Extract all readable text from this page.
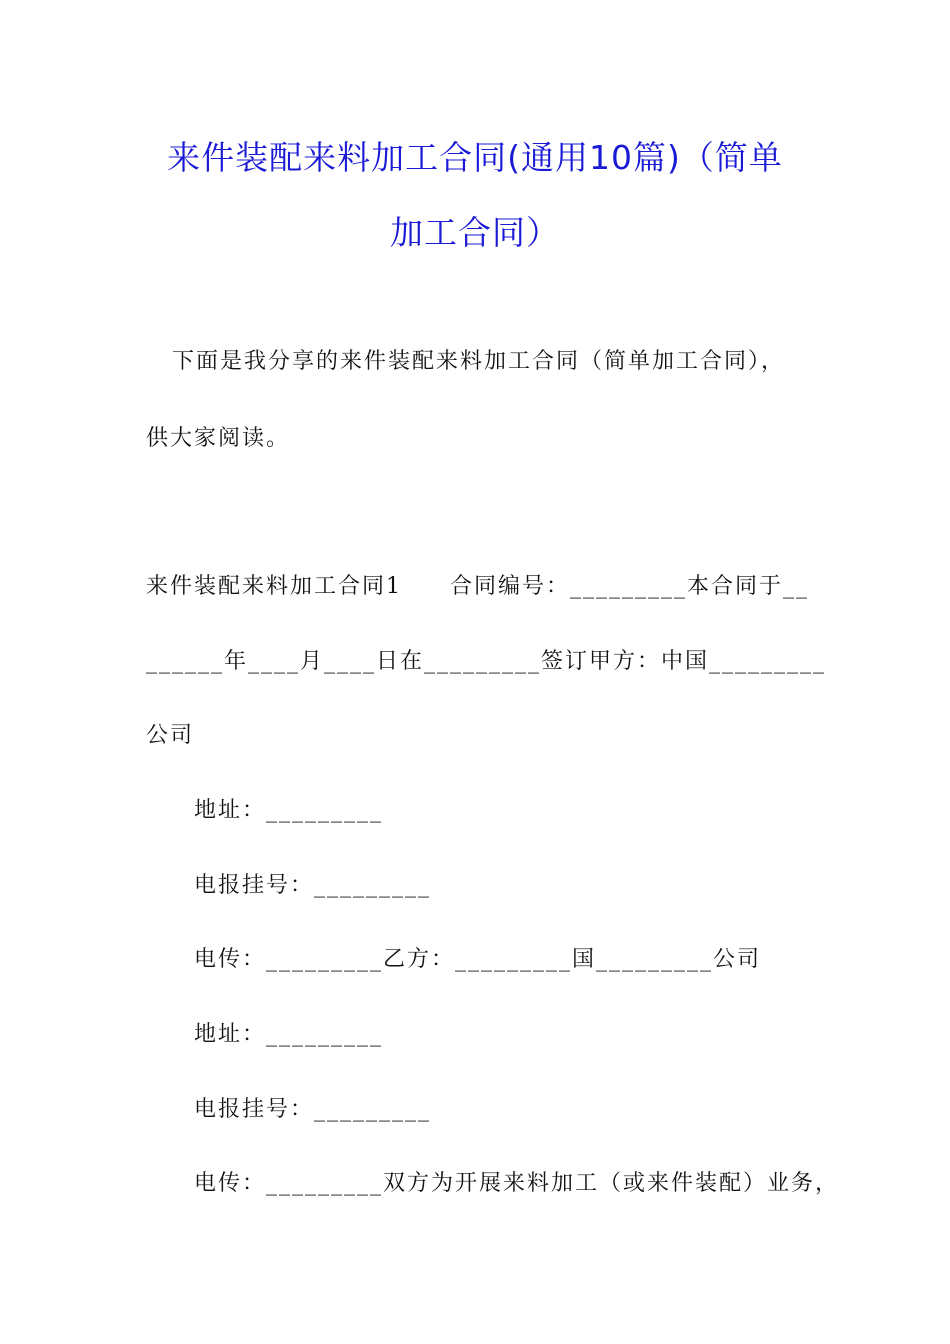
来件装配来料加工合同(通用10篇)（简单
加工合同）
下面是我分享的来件装配来料加工合同（简单加工合同），
供大家阅读。
来件装配来料加工合同1　　合同编号：_________本合同于__
______年____月____日在_________签订甲方：中国_________
公司
地址：_________
电报挂号：_________
电传：_________乙方：_________国_________公司
地址：_________
电报挂号：_________
电传：_________双方为开展来料加工（或来件装配）业务，
